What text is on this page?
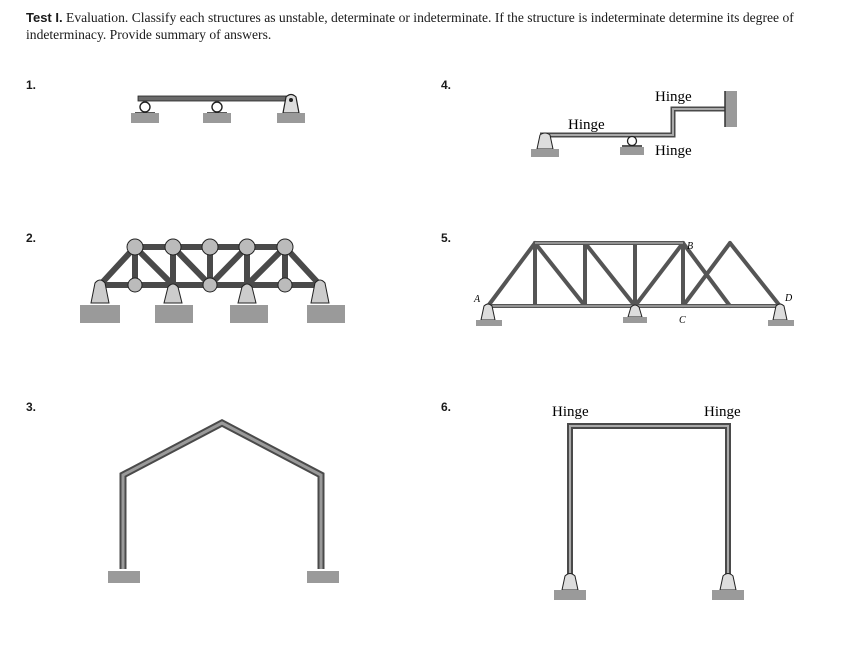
Test I. Evaluation. Classify each structures as unstable, determinate or indeterminate. If the structure is indeterminate determine its degree of indeterminacy. Provide summary of answers.

1.
2.
3.
4.
5.
6.
Hinge
Hinge
Hinge
A
B
C
D
Hinge	Hinge
